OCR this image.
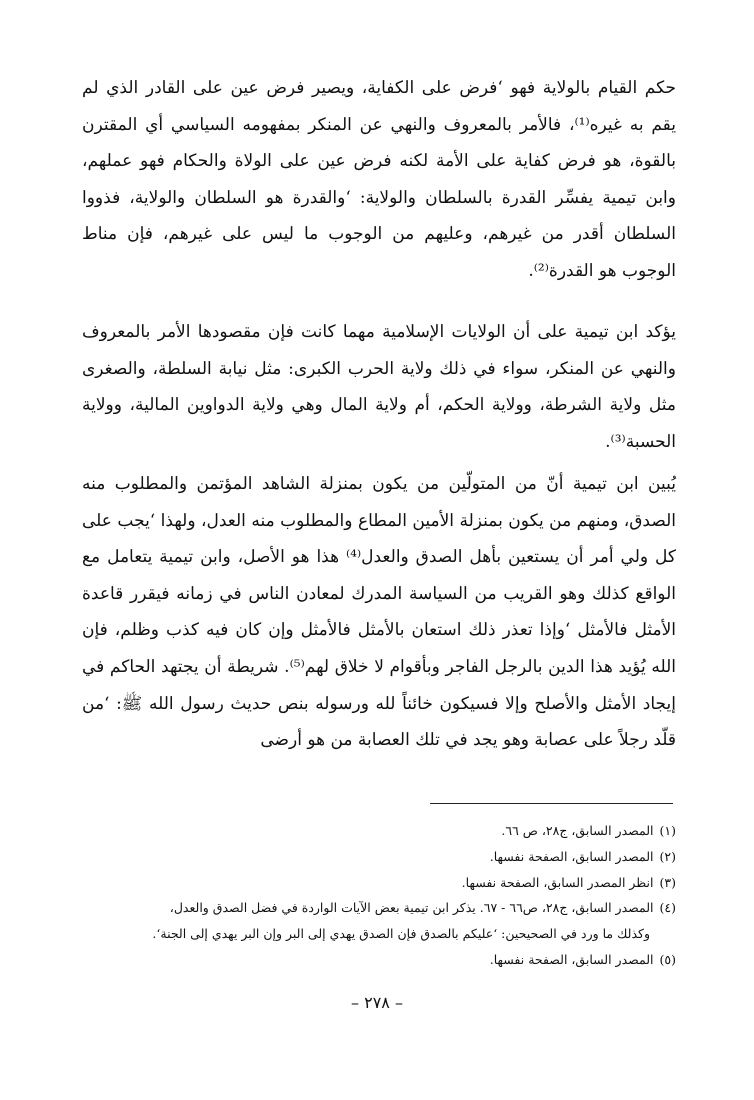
حكم القيام بالولاية فهو ‘فرض على الكفاية، ويصير فرض عين على القادر الذي لم يقم به غيره⁽¹⁾، فالأمر بالمعروف والنهي عن المنكر بمفهومه السياسي أي المقترن بالقوة، هو فرض كفاية على الأمة لكنه فرض عين على الولاة والحكام فهو عملهم، وابن تيمية يفسِّر القدرة بالسلطان والولاية: ‘والقدرة هو السلطان والولاية، فذووا السلطان أقدر من غيرهم، وعليهم من الوجوب ما ليس على غيرهم، فإن مناط الوجوب هو القدرة⁽²⁾.

يؤكد ابن تيمية على أن الولايات الإسلامية مهما كانت فإن مقصودها الأمر بالمعروف والنهي عن المنكر، سواء في ذلك ولاية الحرب الكبرى: مثل نيابة السلطة، والصغرى مثل ولاية الشرطة، وولاية الحكم، أم ولاية المال وهي ولاية الدواوين المالية، وولاية الحسبة⁽³⁾.

يُبين ابن تيمية أنّ من المتولّين من يكون بمنزلة الشاهد المؤتمن والمطلوب منه الصدق، ومنهم من يكون بمنزلة الأمين المطاع والمطلوب منه العدل، ولهذا ‘يجب على كل ولي أمر أن يستعين بأهل الصدق والعدل⁽⁴⁾ هذا هو الأصل، وابن تيمية يتعامل مع الواقع كذلك وهو القريب من السياسة المدرك لمعادن الناس في زمانه فيقرر قاعدة الأمثل فالأمثل ‘وإذا تعذر ذلك استعان بالأمثل فالأمثل وإن كان فيه كذب وظلم، فإن الله يُؤيد هذا الدين بالرجل الفاجر وبأقوام لا خلاق لهم⁽⁵⁾. شريطة أن يجتهد الحاكم في إيجاد الأمثل والأصلح وإلا فسيكون خائناً لله ورسوله بنص حديث رسول الله ﷺ: ‘من قلّد رجلاً على عصابة وهو يجد في تلك العصابة من هو أرضى

(١)المصدر السابق، ج٢٨، ص ٦٦.
(٢)المصدر السابق، الصفحة نفسها.
(٣)انظر المصدر السابق، الصفحة نفسها.
(٤)المصدر السابق، ج٢٨، ص٦٦ - ٦٧. يذكر ابن تيمية بعض الآيات الواردة في فضل الصدق والعدل،
وكذلك ما ورد في الصحيحين: ‘عليكم بالصدق فإن الصدق يهدي إلى البر وإن البر يهدي إلى الجنة‘.
(٥)المصدر السابق، الصفحة نفسها.
– ٢٧٨ –
